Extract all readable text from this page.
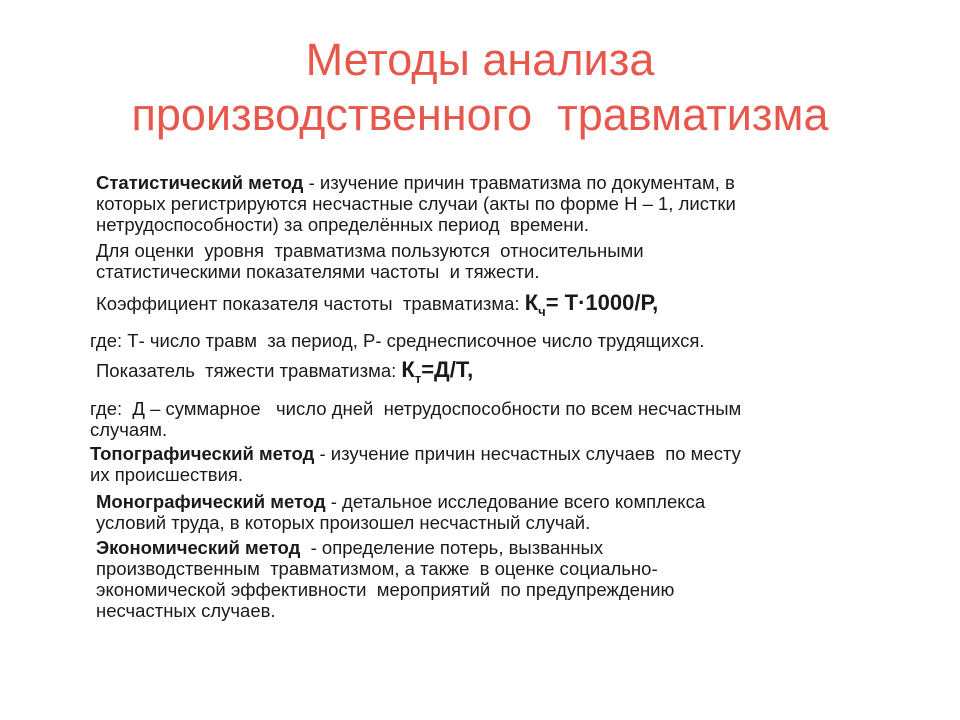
Методы анализа
производственного  травматизма
Статистический метод - изучение причин травматизма по документам, в
которых регистрируются несчастные случаи (акты по форме Н – 1, листки
нетрудоспособности) за определённых период  времени.
Для оценки  уровня  травматизма пользуются  относительными
статистическими показателями частоты  и тяжести.
Коэффициент показателя частоты  травматизма: $К_ч= Т\cdot 1000/Р$,
где: Т- число травм  за период, Р- среднесписочное число трудящихся.
Показатель  тяжести травматизма: $К_т=Д/Т$,
где:  Д – суммарное   число дней  нетрудоспособности по всем несчастным
случаям.
Топографический метод - изучение причин несчастных случаев  по месту
их происшествия.
Монографический метод - детальное исследование всего комплекса
условий труда, в которых произошел несчастный случай.
Экономический метод  - определение потерь, вызванных
производственным  травматизмом, а также  в оценке социально-
экономической эффективности  мероприятий  по предупреждению
несчастных случаев.
